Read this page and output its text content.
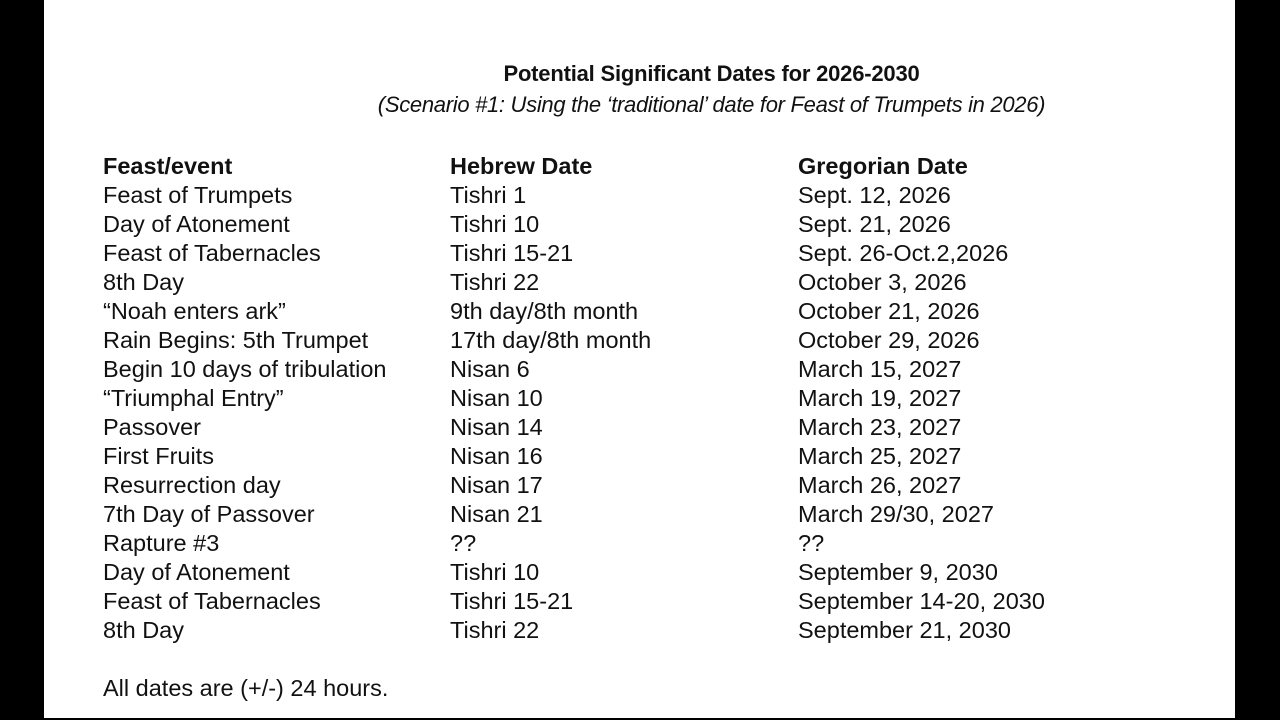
Potential Significant Dates for 2026-2030
(Scenario #1: Using the ‘traditional’ date for Feast of Trumpets in 2026)
Feast/event	Hebrew Date	Gregorian Date
Feast of Trumpets	Tishri 1	Sept. 12, 2026
Day of Atonement	Tishri 10	Sept. 21, 2026
Feast of Tabernacles	Tishri 15-21	Sept. 26-Oct.2,2026
8th Day	Tishri 22	October 3, 2026
“Noah enters ark”	9th day/8th month	October 21, 2026
Rain Begins: 5th Trumpet	17th day/8th month	October 29, 2026
Begin 10 days of tribulation	Nisan 6	March 15, 2027
“Triumphal Entry”	Nisan 10	March 19, 2027
Passover	Nisan 14	March 23, 2027
First Fruits	Nisan 16	March 25, 2027
Resurrection day	Nisan 17	March 26, 2027
7th Day of Passover	Nisan 21	March 29/30, 2027
Rapture #3	??	??
Day of Atonement	Tishri 10	September 9, 2030
Feast of Tabernacles	Tishri 15-21	September 14-20, 2030
8th Day	Tishri 22	September 21, 2030
All dates are (+/-) 24 hours.
